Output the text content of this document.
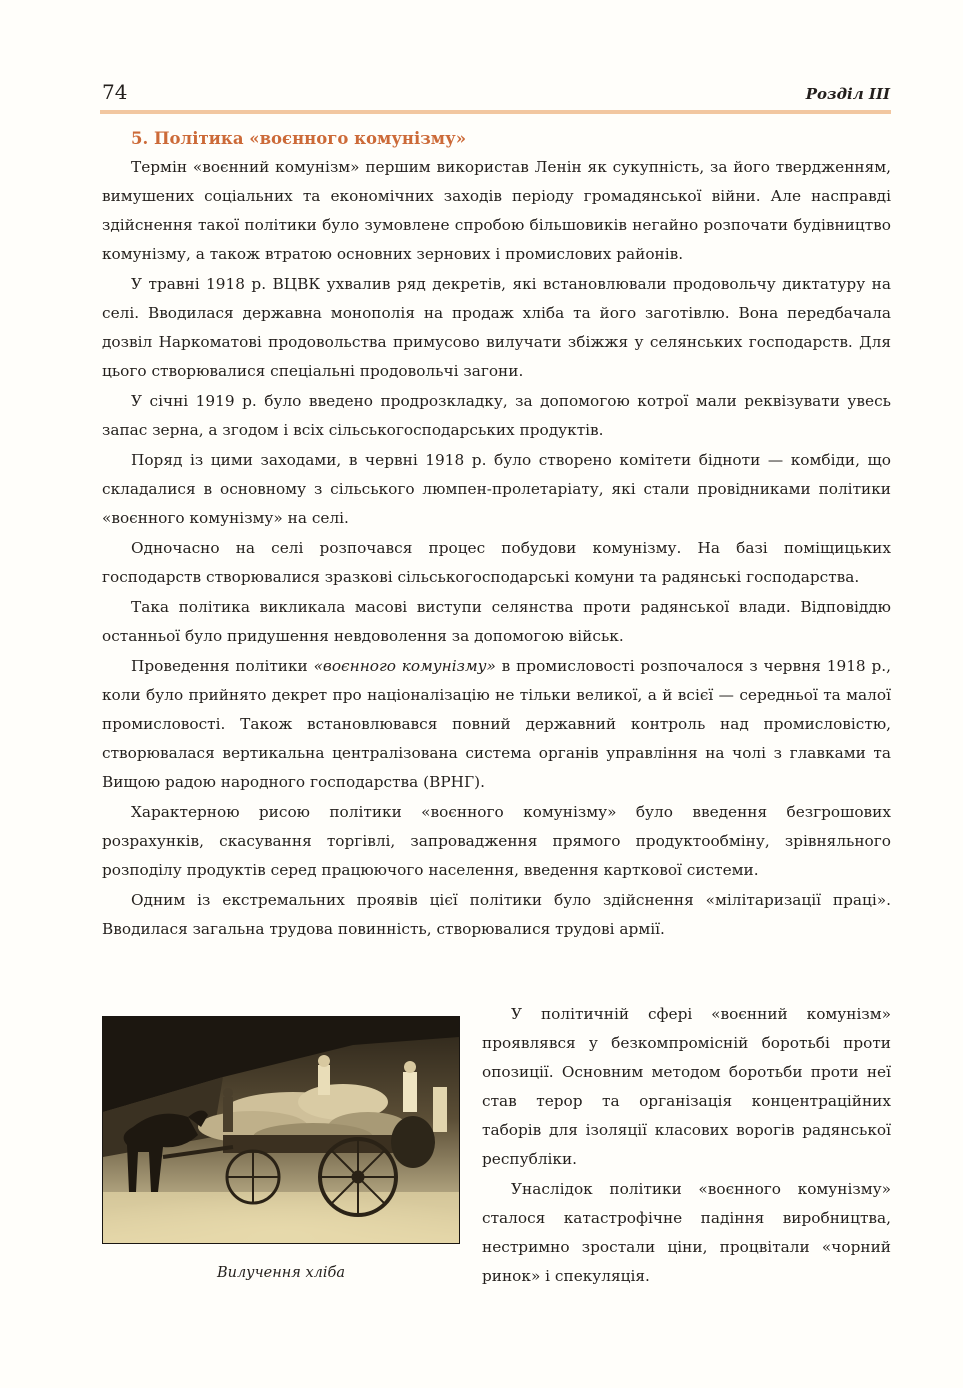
74	Розділ III
5. Політика «воєнного комунізму»

Термін «воєнний комунізм» першим використав Ленін як сукупність, за його твердженням, вимушених соціальних та економічних заходів періоду громадянської війни. Але насправді здійснення такої політики було зумовлене спробою більшовиків негайно розпочати будівництво комунізму, а також втратою основних зернових і промислових районів.

У травні 1918 р. ВЦВК ухвалив ряд декретів, які встановлювали продовольчу диктатуру на селі. Вводилася державна монополія на продаж хліба та його заготівлю. Вона передбачала дозвіл Наркоматові продовольства примусово вилучати збіжжя у селянських господарств. Для цього створювалися спеціальні продовольчі загони.

У січні 1919 р. було введено продрозкладку, за допомогою котрої мали реквізувати увесь запас зерна, а згодом і всіх сільськогосподарських продуктів.

Поряд із цими заходами, в червні 1918 р. було створено комітети бідноти — комбіди, що складалися в основному з сільського люмпен-пролетаріату, які стали провідниками політики «воєнного комунізму» на селі.

Одночасно на селі розпочався процес побудови комунізму. На базі поміщицьких господарств створювалися зразкові сільськогосподарські комуни та радянські господарства.

Така політика викликала масові виступи селянства проти радянської влади. Відповіддю останньої було придушення невдоволення за допомогою військ.

Проведення політики «воєнного комунізму» в промисловості розпочалося з червня 1918 р., коли було прийнято декрет про націоналізацію не тільки великої, а й всієї — середньої та малої промисловості. Також встановлювався повний державний контроль над промисловістю, створювалася вертикальна централізована система органів управління на чолі з главками та Вищою радою народного господарства (ВРНГ).

Характерною рисою політики «воєнного комунізму» було введення безгрошових розрахунків, скасування торгівлі, запровадження прямого продуктообміну, зрівняльного розподілу продуктів серед працюючого населення, введення карткової системи.

Одним із екстремальних проявів цієї політики було здійснення «мілітаризації праці». Вводилася загальна трудова повинність, створювалися трудові армії.

Вилучення хліба

У політичній сфері «воєнний комунізм» проявлявся у безкомпромісній боротьбі проти опозиції. Основним методом боротьби проти неї став терор та організація концентраційних таборів для ізоляції класових ворогів радянської республіки.

Унаслідок політики «воєнного комунізму» сталося катастрофічне падіння виробництва, нестримно зростали ціни, процвітали «чорний ринок» і спекуляція.
